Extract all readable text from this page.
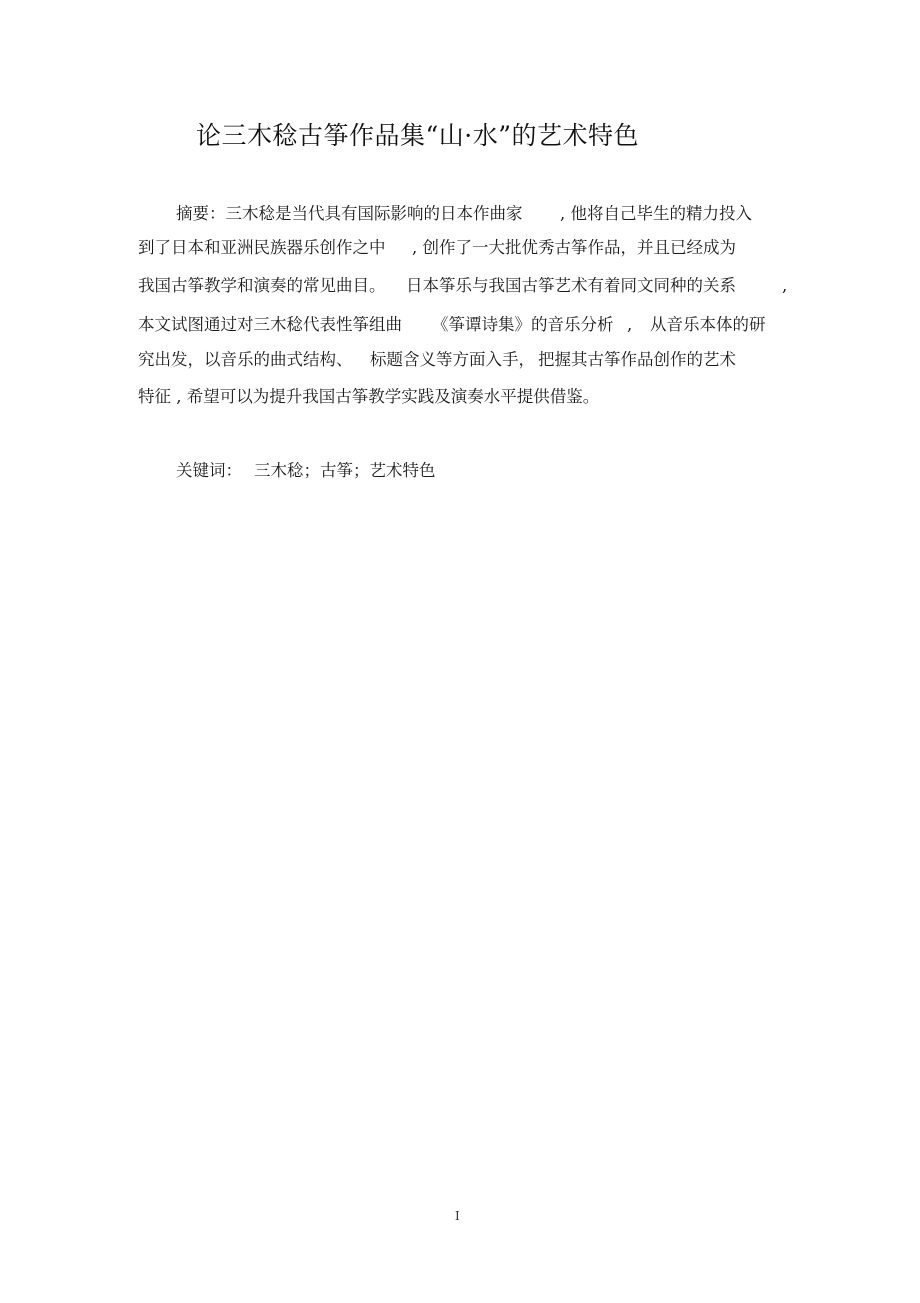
论三木稔古筝作品集“山·水”的艺术特色
摘要：三木稔是当代具有国际影响的日本作曲家 , 他将自己毕生的精力投入
到了日本和亚洲民族器乐创作之中 , 创作了一大批优秀古筝作品，并且已经成为
我国古筝教学和演奏的常见曲目。 日本筝乐与我国古筝艺术有着同文同种的关系	,
本文试图通过对三木稔代表性筝组曲 《筝谭诗集》的音乐分析 , 从音乐本体的研
究出发，以音乐的曲式结构、 标题含义等方面入手， 把握其古筝作品创作的艺术
特征 , 希望可以为提升我国古筝教学实践及演奏水平提供借鉴。
关键词： 三木稔；古筝；艺术特色
I
